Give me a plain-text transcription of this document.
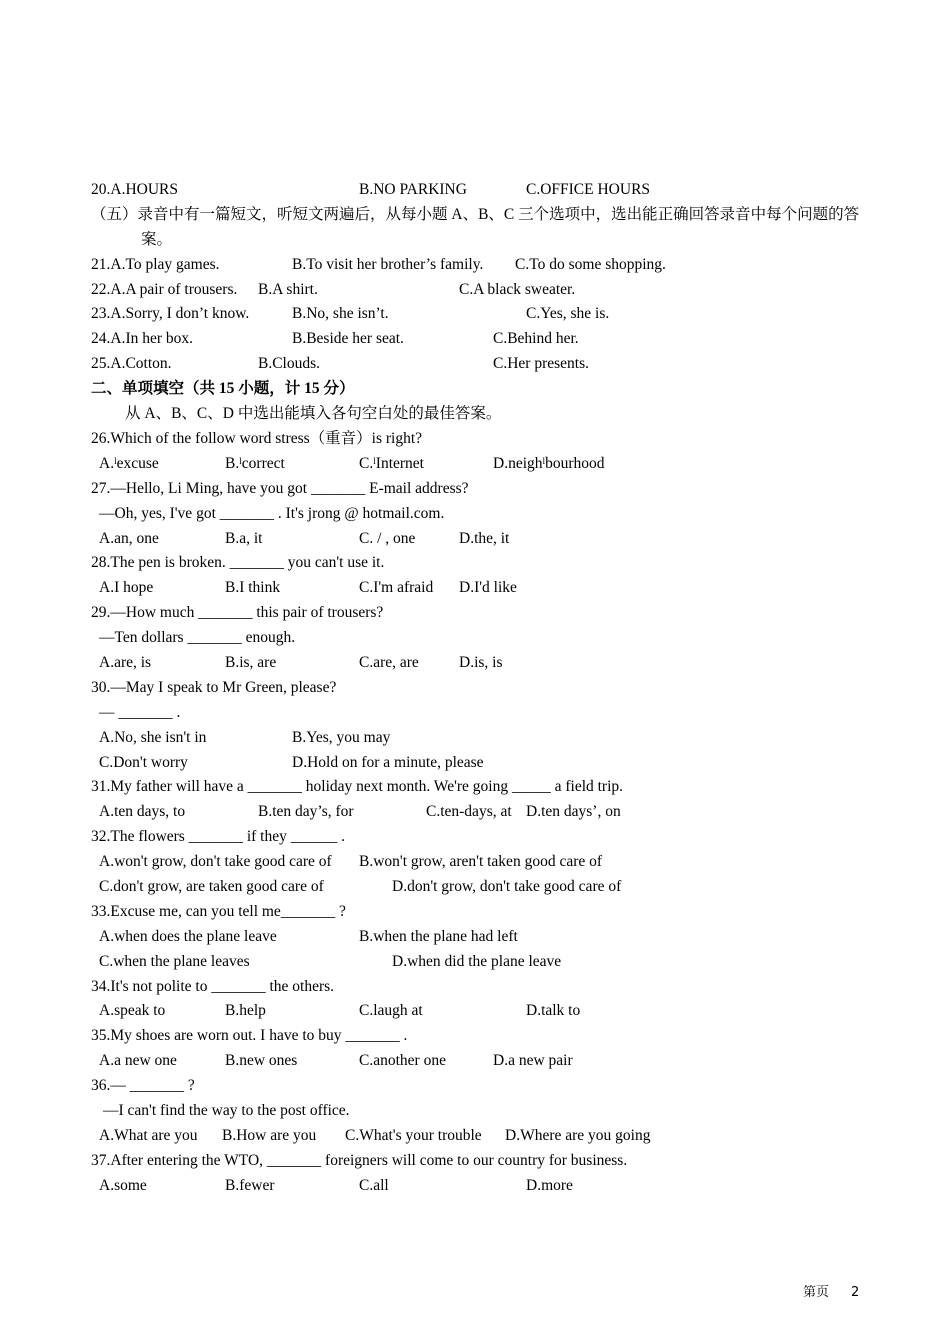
20.A.HOURS	B.NO PARKING	C.OFFICE HOURS
（五）录音中有一篇短文，听短文两遍后，从每小题 A、B、C 三个选项中，选出能正确回答录音中每个问题的答案。
21.A.To play games.	B.To visit her brother’s family. C.To do some shopping.
22.A.A pair of trousers. B.A shirt.	C.A black sweater.
23.A.Sorry, I don’t know.	B.No, she isn’t.	C.Yes, she is.
24.A.In her box.	B.Beside her seat.	C.Behind her.
25.A.Cotton.	B.Clouds.	C.Her presents.
二、单项填空（共 15 小题，计 15 分）
从 A、B、C、D 中选出能填入各句空白处的最佳答案。
26.Which of the follow word stress（重音）is right?
A.ˡexcuse	B.ˡcorrect	C.ˡInternet	D.neighˡbourhood
27.—Hello, Li Ming, have you got _______ E-mail address?
—Oh, yes, I've got _______ . It's jrong @ hotmail.com.
A.an, one	B.a, it	C. / , one	D.the, it
28.The pen is broken. _______ you can't use it.
A.I hope	B.I think	C.I'm afraid D.I'd like
29.—How much _______ this pair of trousers?
—Ten dollars _______ enough.
A.are, is	B.is, are	C.are, are	D.is, is
30.—May I speak to Mr Green, please?
— _______ .
A.No, she isn't in	B.Yes, you may
C.Don't worry	D.Hold on for a minute, please
31.My father will have a _______ holiday next month. We're going _____ a field trip.
A.ten days, to	B.ten day’s, for	C.ten-days, at D.ten days’, on
32.The flowers _______ if they ______ .
A.won't grow, don't take good care of B.won't grow, aren't taken good care of
C.don't grow, are taken good care of	D.don't grow, don't take good care of
33.Excuse me, can you tell me_______ ?
A.when does the plane leave	B.when the plane had left
C.when the plane leaves	D.when did the plane leave
34.It's not polite to _______ the others.
A.speak to	B.help	C.laugh at	D.talk to
35.My shoes are worn out. I have to buy _______ .
A.a new one	B.new ones	C.another one	D.a new pair
36.— _______ ?
—I can't find the way to the post office.
A.What are you B.How are you C.What's your trouble D.Where are you going
37.After entering the WTO, _______ foreigners will come to our country for business.
A.some	B.fewer	C.all	D.more
第页 2
